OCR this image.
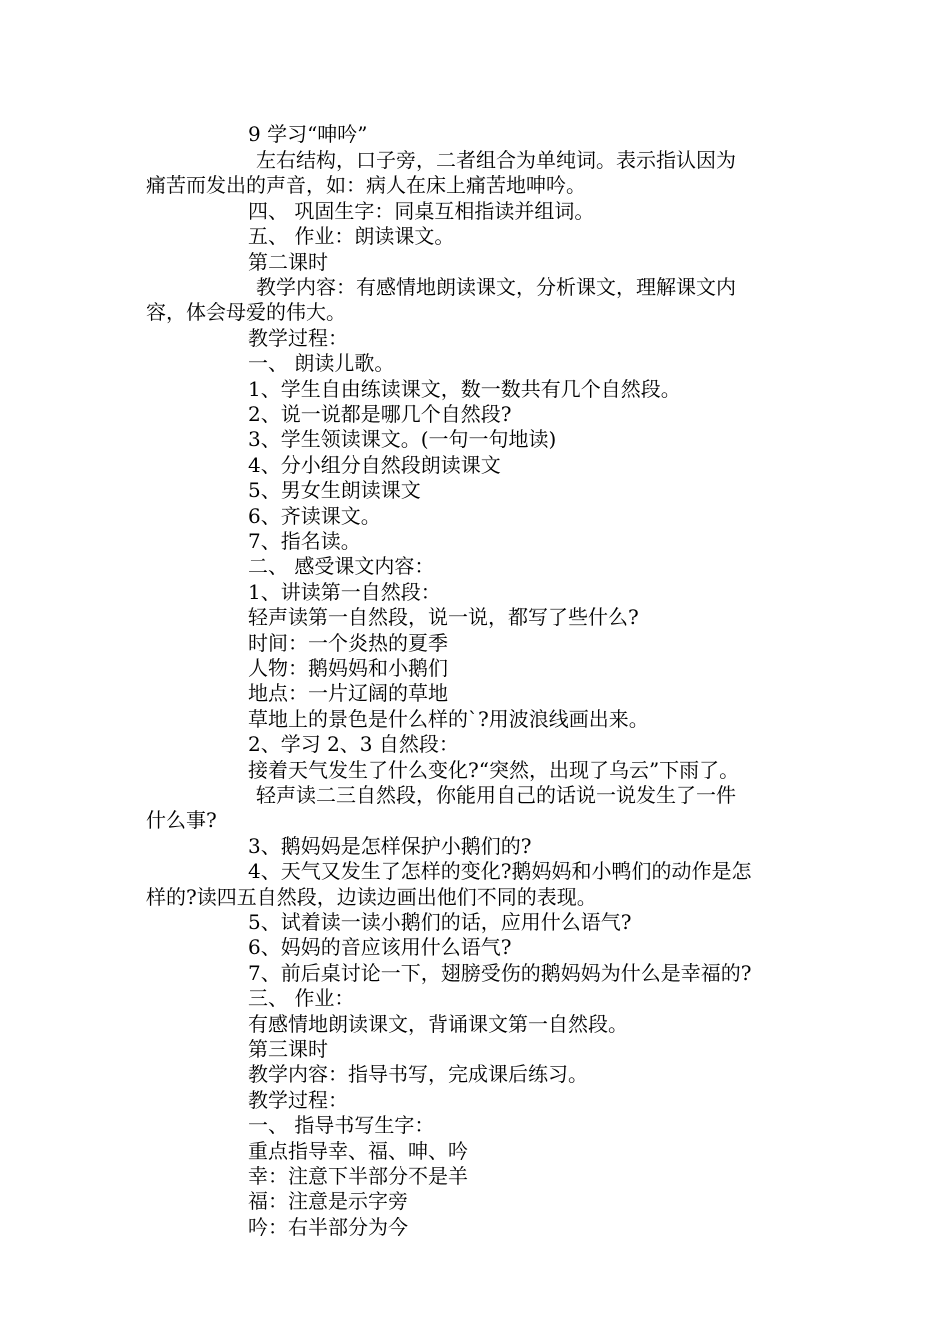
9 学习“呻吟”
左右结构，口子旁，二者组合为单纯词。表示指认因为
痛苦而发出的声音，如：病人在床上痛苦地呻吟。
四、 巩固生字：同桌互相指读并组词。
五、 作业：朗读课文。
第二课时
教学内容：有感情地朗读课文，分析课文，理解课文内
容，体会母爱的伟大。
教学过程：
一、 朗读儿歌。
1、学生自由练读课文，数一数共有几个自然段。
2、说一说都是哪几个自然段?
3、学生领读课文。(一句一句地读)
4、分小组分自然段朗读课文
5、男女生朗读课文
6、齐读课文。
7、指名读。
二、 感受课文内容：
1、讲读第一自然段：
轻声读第一自然段，说一说，都写了些什么?
时间：一个炎热的夏季
人物：鹅妈妈和小鹅们
地点：一片辽阔的草地
草地上的景色是什么样的`?用波浪线画出来。
2、学习 2、3 自然段：
接着天气发生了什么变化?“突然，出现了乌云”下雨了。
轻声读二三自然段，你能用自己的话说一说发生了一件
什么事?
3、鹅妈妈是怎样保护小鹅们的?
4、天气又发生了怎样的变化?鹅妈妈和小鸭们的动作是怎
样的?读四五自然段，边读边画出他们不同的表现。
5、试着读一读小鹅们的话，应用什么语气?
6、妈妈的音应该用什么语气?
7、前后桌讨论一下，翅膀受伤的鹅妈妈为什么是幸福的?
三、 作业：
有感情地朗读课文，背诵课文第一自然段。
第三课时
教学内容：指导书写，完成课后练习。
教学过程：
一、 指导书写生字：
重点指导幸、福、呻、吟
幸：注意下半部分不是羊
福：注意是示字旁
吟：右半部分为今
